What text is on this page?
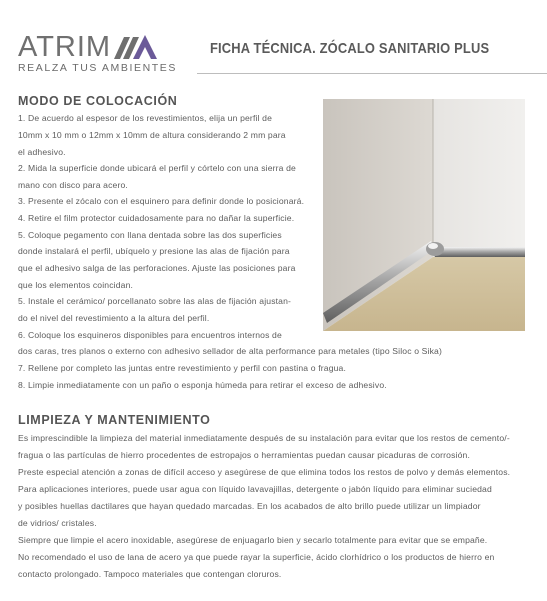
ATRIM
REALZA TUS AMBIENTES
FICHA TÉCNICA. ZÓCALO SANITARIO PLUS
MODO DE COLOCACIÓN
1. De acuerdo al espesor de los revestimientos, elija un perfil de
10mm x 10 mm o 12mm x 10mm de altura considerando 2 mm para
el adhesivo.
2. Mida la superficie donde ubicará el perfil y córtelo con una sierra de
mano con disco para acero.
3. Presente el zócalo con el esquinero para definir donde lo posicionará.
4. Retire el film protector cuidadosamente para no dañar la superficie.
5. Coloque pegamento con llana dentada sobre las dos superficies
donde instalará el perfil, ubíquelo y presione las alas de fijación para
que el adhesivo salga de las perforaciones. Ajuste las posiciones para
que los elementos coincidan.
5. Instale el cerámico/ porcellanato sobre las alas de fijación ajustan-
do el nivel del revestimiento a la altura del perfil.
6. Coloque los esquineros disponibles para encuentros internos de
dos caras, tres planos o externo con adhesivo sellador de alta performance para metales (tipo Siloc o Sika)
7. Rellene por completo las juntas entre revestimiento y perfil con pastina o fragua.
8. Limpie inmediatamente con un paño o esponja húmeda para retirar el exceso de adhesivo.
LIMPIEZA Y MANTENIMIENTO
Es imprescindible la limpieza del material inmediatamente después de su instalación para evitar que los restos de cemento/-
fragua o las partículas de hierro procedentes de estropajos o herramientas puedan causar picaduras de corrosión.
Preste especial atención a zonas de difícil acceso y asegúrese de que elimina todos los restos de polvo y demás elementos.
Para aplicaciones interiores, puede usar agua con líquido lavavajillas, detergente o jabón líquido para eliminar suciedad
y posibles huellas dactilares que hayan quedado marcadas. En los acabados de alto brillo puede utilizar un limpiador
de vidrios/ cristales.
Siempre que limpie el acero inoxidable, asegúrese de enjuagarlo bien y secarlo totalmente para evitar que se empañe.
No recomendado el uso de lana de acero ya que puede rayar la superficie, ácido clorhídrico o los productos de hierro en
contacto prolongado. Tampoco materiales que contengan cloruros.
